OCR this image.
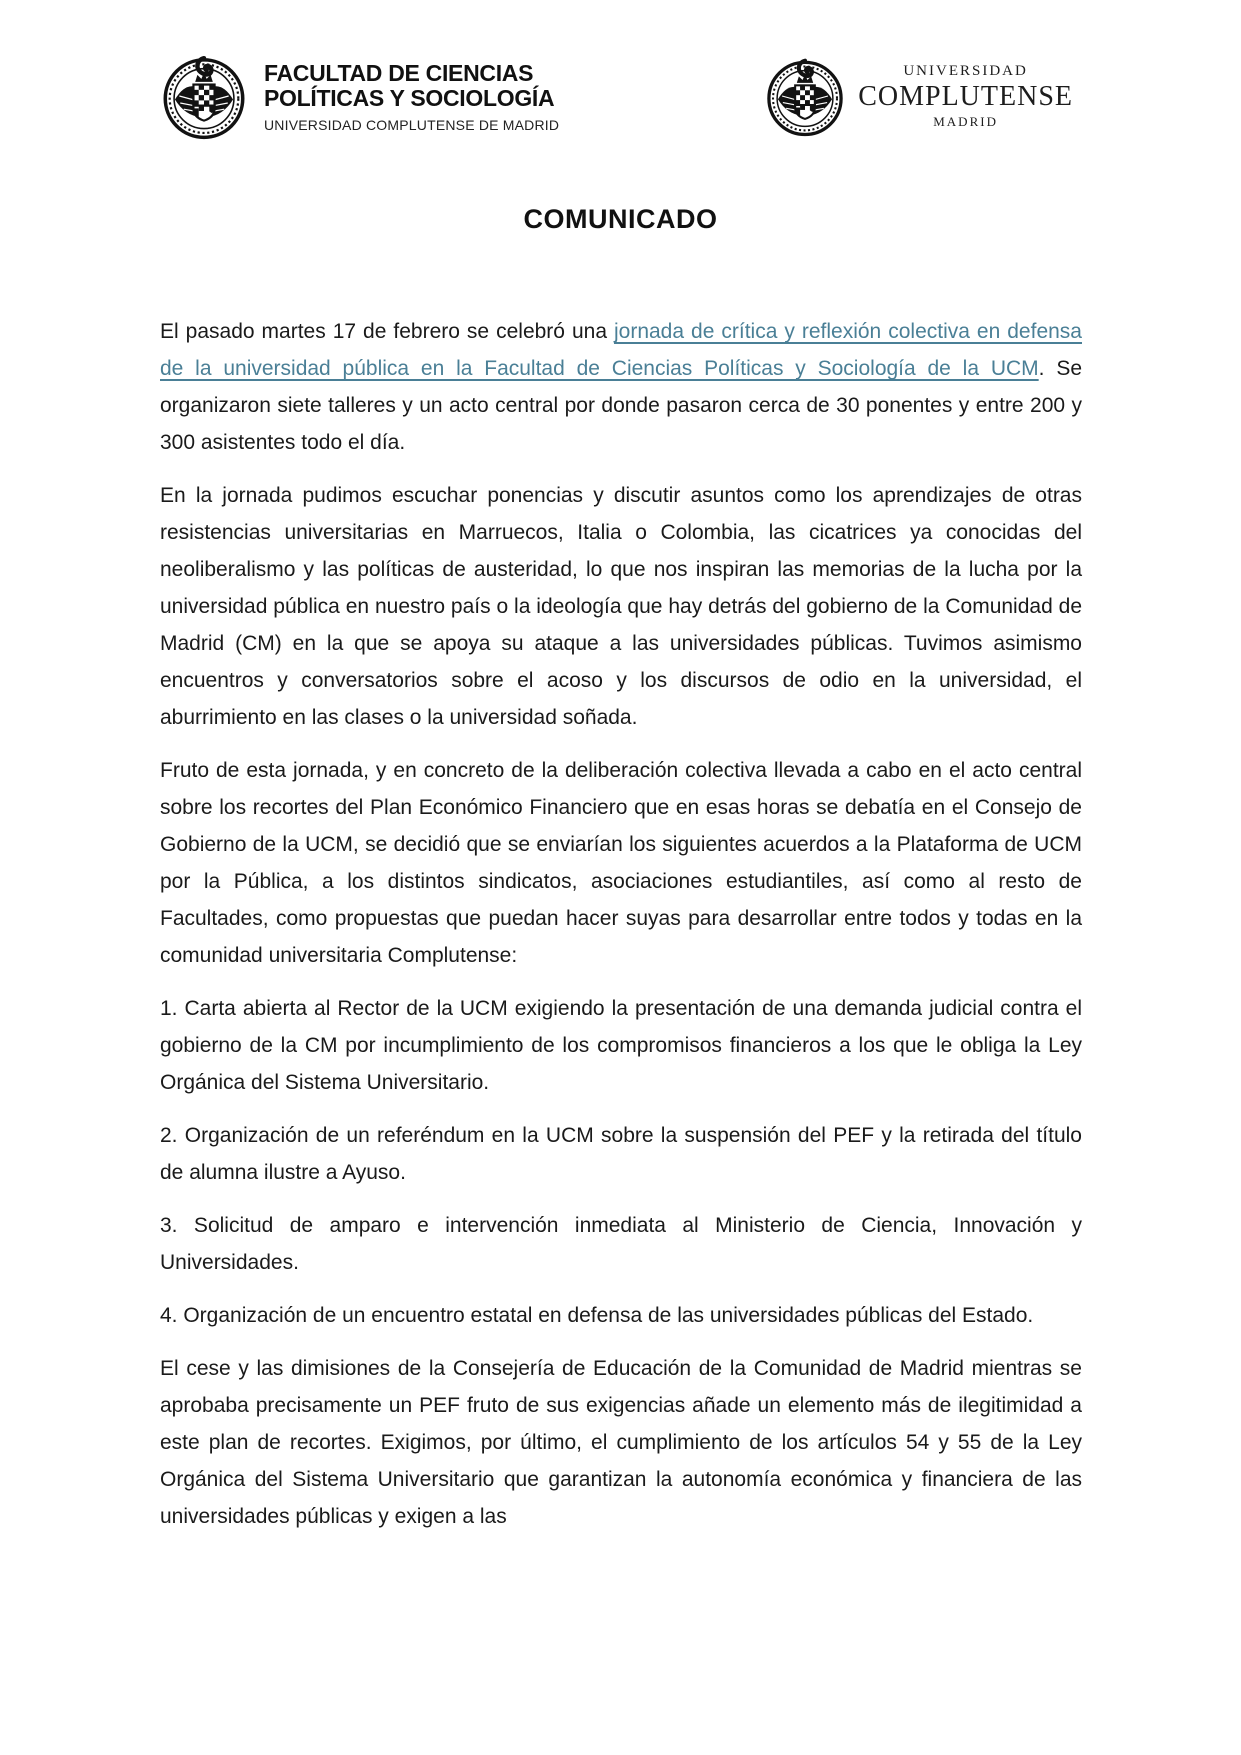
FACULTAD DE CIENCIAS
POLÍTICAS Y SOCIOLOGÍA
UNIVERSIDAD COMPLUTENSE DE MADRID
UNIVERSIDAD
COMPLUTENSE
MADRID
COMUNICADO

El pasado martes 17 de febrero se celebró una jornada de crítica y reflexión colectiva en defensa de la universidad pública en la Facultad de Ciencias Políticas y Sociología de la UCM. Se organizaron siete talleres y un acto central por donde pasaron cerca de 30 ponentes y entre 200 y 300 asistentes todo el día.

En la jornada pudimos escuchar ponencias y discutir asuntos como los aprendizajes de otras resistencias universitarias en Marruecos, Italia o Colombia, las cicatrices ya conocidas del neoliberalismo y las políticas de austeridad, lo que nos inspiran las memorias de la lucha por la universidad pública en nuestro país o la ideología que hay detrás del gobierno de la Comunidad de Madrid (CM) en la que se apoya su ataque a las universidades públicas. Tuvimos asimismo encuentros y conversatorios sobre el acoso y los discursos de odio en la universidad, el aburrimiento en las clases o la universidad soñada.

Fruto de esta jornada, y en concreto de la deliberación colectiva llevada a cabo en el acto central sobre los recortes del Plan Económico Financiero que en esas horas se debatía en el Consejo de Gobierno de la UCM, se decidió que se enviarían los siguientes acuerdos a la Plataforma de UCM por la Pública, a los distintos sindicatos, asociaciones estudiantiles, así como al resto de Facultades, como propuestas que puedan hacer suyas para desarrollar entre todos y todas en la comunidad universitaria Complutense:

1. Carta abierta al Rector de la UCM exigiendo la presentación de una demanda judicial contra el gobierno de la CM por incumplimiento de los compromisos financieros a los que le obliga la Ley Orgánica del Sistema Universitario.

2. Organización de un referéndum en la UCM sobre la suspensión del PEF y la retirada del título de alumna ilustre a Ayuso.

3. Solicitud de amparo e intervención inmediata al Ministerio de Ciencia, Innovación y Universidades.

4. Organización de un encuentro estatal en defensa de las universidades públicas del Estado.

El cese y las dimisiones de la Consejería de Educación de la Comunidad de Madrid mientras se aprobaba precisamente un PEF fruto de sus exigencias añade un elemento más de ilegitimidad a este plan de recortes. Exigimos, por último, el cumplimiento de los artículos 54 y 55 de la Ley Orgánica del Sistema Universitario que garantizan la autonomía económica y financiera de las universidades públicas y exigen a las
